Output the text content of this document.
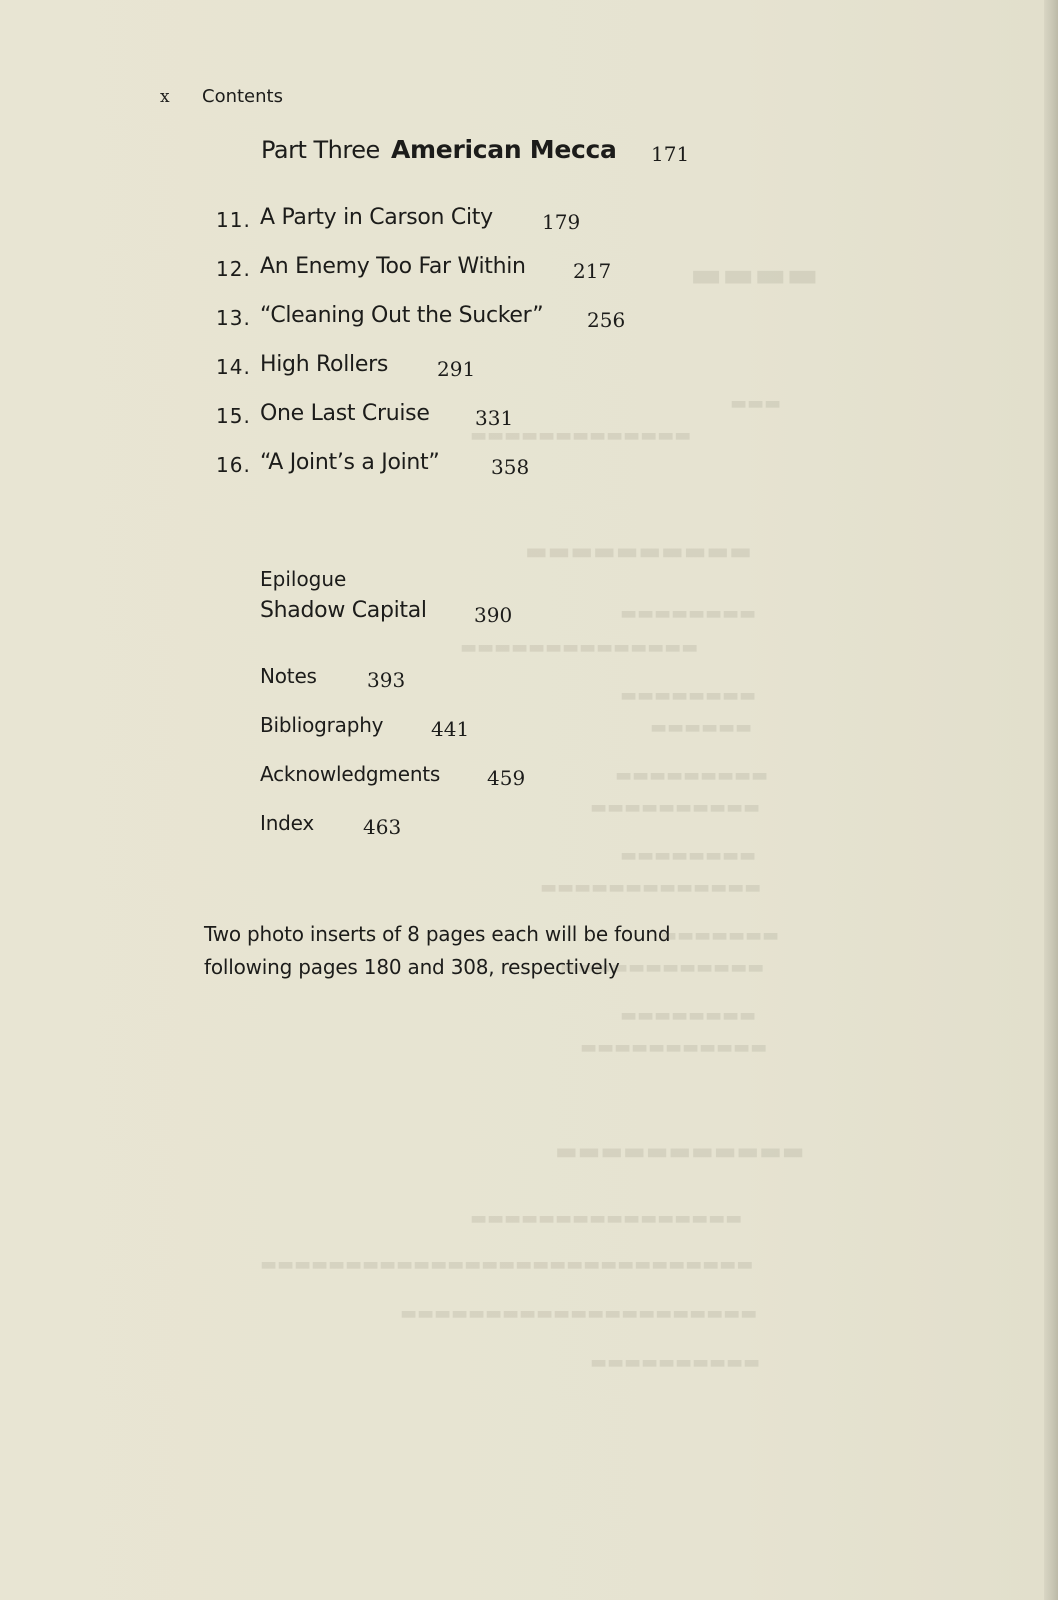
▬▬▬▬
▬▬▬
▬▬▬▬▬▬▬▬▬▬▬▬▬
▬▬▬▬▬▬▬▬▬▬
▬▬▬▬▬▬▬▬
▬▬▬▬▬▬▬▬▬▬▬▬▬▬
▬▬▬▬▬▬▬▬
▬▬▬▬▬▬
▬▬▬▬▬▬▬▬▬
▬▬▬▬▬▬▬▬▬▬
▬▬▬▬▬▬▬▬
▬▬▬▬▬▬▬▬▬▬▬▬▬
▬▬▬▬▬▬▬
▬▬▬▬▬▬▬▬▬▬▬▬
▬▬▬▬▬▬▬▬
▬▬▬▬▬▬▬▬▬▬▬
▬▬▬▬▬▬▬▬▬▬▬
▬▬▬▬▬▬▬▬▬▬▬▬▬▬▬▬
▬▬▬▬▬▬▬▬▬▬▬▬▬▬▬▬▬▬▬▬▬▬▬▬▬▬▬▬▬
▬▬▬▬▬▬▬▬▬▬▬▬▬▬▬▬▬▬▬▬▬
▬▬▬▬▬▬▬▬▬▬
x Contents
Part Three American Mecca 171
11. A Party in Carson City 179
12. An Enemy Too Far Within 217
13. “Cleaning Out the Sucker” 256
14. High Rollers 291
15. One Last Cruise 331
16. “A Joint’s a Joint”	358
Epilogue
Shadow Capital 390
Notes	393
Bibliography 441
Acknowledgments 459
Index 463
Two photo inserts of 8 pages each will be found
following pages 180 and 308, respectively
